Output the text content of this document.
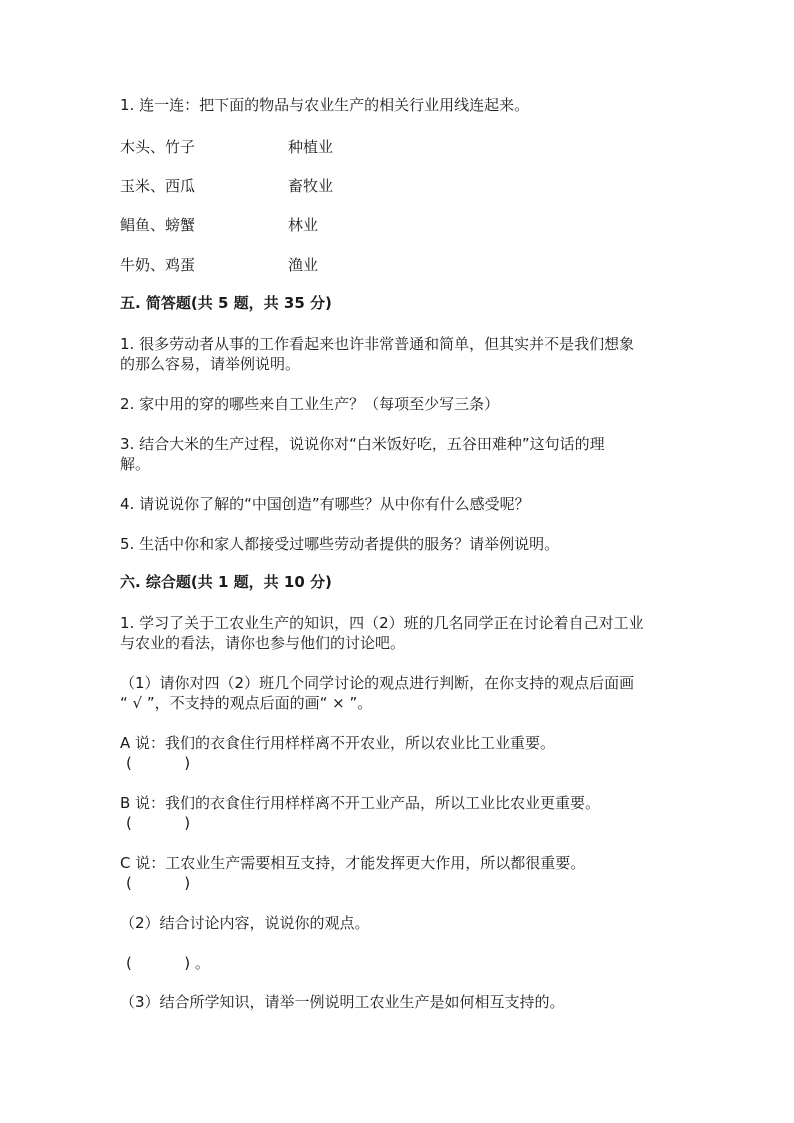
1. 连一连：把下面的物品与农业生产的相关行业用线连起来。
木头、竹子	种植业
玉米、西瓜	畜牧业
鲳鱼、螃蟹	林业
牛奶、鸡蛋	渔业
五. 简答题(共 5 题，共 35 分)
1. 很多劳动者从事的工作看起来也许非常普通和简单，但其实并不是我们想象
的那么容易，请举例说明。
2. 家中用的穿的哪些来自工业生产？（每项至少写三条）
3. 结合大米的生产过程，说说你对“白米饭好吃，五谷田难种”这句话的理
解。
4. 请说说你了解的“中国创造”有哪些？从中你有什么感受呢？
5. 生活中你和家人都接受过哪些劳动者提供的服务？请举例说明。
六. 综合题(共 1 题，共 10 分)
1. 学习了关于工农业生产的知识，四（2）班的几名同学正在讨论着自己对工业
与农业的看法，请你也参与他们的讨论吧。
（1）请你对四（2）班几个同学讨论的观点进行判断，在你支持的观点后面画
“ √ ”，不支持的观点后面的画“ × ”。
A 说：我们的衣食住行用样样离不开农业，所以农业比工业重要。
(           )
B 说：我们的衣食住行用样样离不开工业产品，所以工业比农业更重要。
(           )
C 说：工农业生产需要相互支持，才能发挥更大作用，所以都很重要。
(           )
（2）结合讨论内容，说说你的观点。
(           ) 。
（3）结合所学知识，请举一例说明工农业生产是如何相互支持的。
